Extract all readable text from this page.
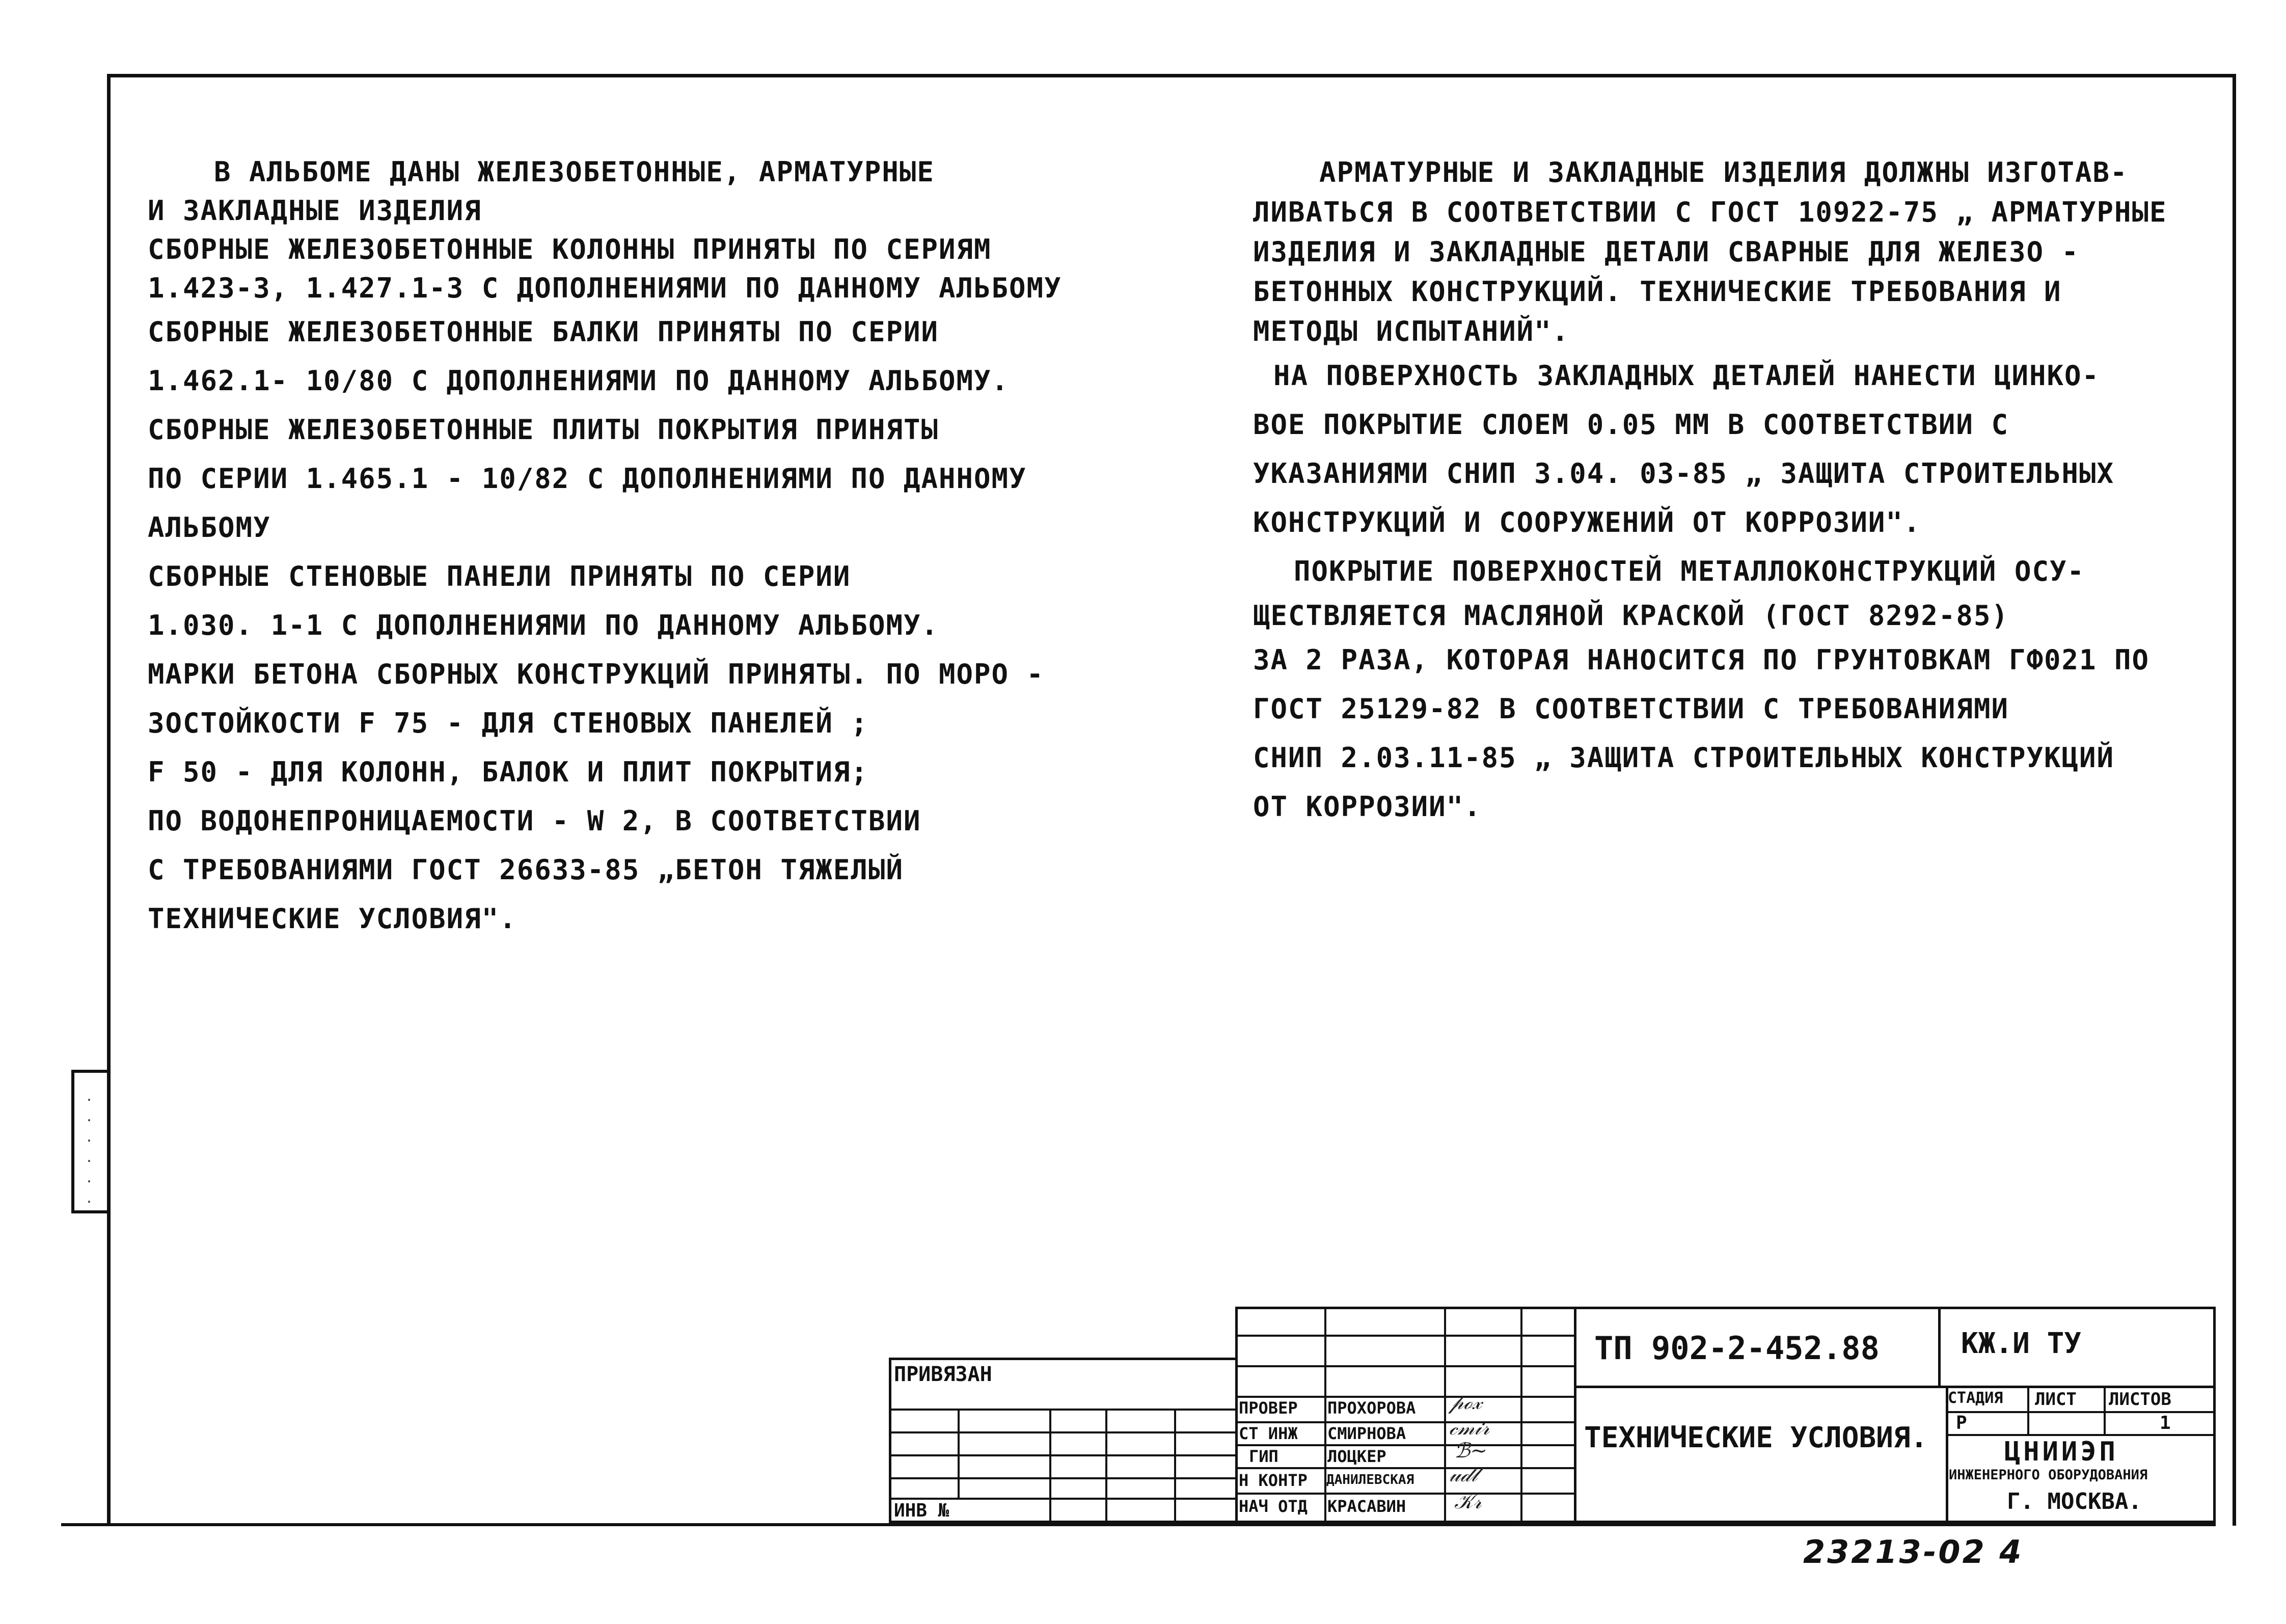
·
·
·
·
·
·

В АЛЬБОМЕ ДАНЫ ЖЕЛЕЗОБЕТОННЫЕ, АРМАТУРНЫЕ

И ЗАКЛАДНЫЕ ИЗДЕЛИЯ

СБОРНЫЕ ЖЕЛЕЗОБЕТОННЫЕ КОЛОННЫ ПРИНЯТЫ ПО СЕРИЯМ

1.423-3, 1.427.1-3 С ДОПОЛНЕНИЯМИ ПО ДАННОМУ АЛЬБОМУ

СБОРНЫЕ ЖЕЛЕЗОБЕТОННЫЕ БАЛКИ ПРИНЯТЫ ПО СЕРИИ

1.462.1- 10/80 С ДОПОЛНЕНИЯМИ ПО ДАННОМУ АЛЬБОМУ.

СБОРНЫЕ ЖЕЛЕЗОБЕТОННЫЕ ПЛИТЫ ПОКРЫТИЯ ПРИНЯТЫ

ПО СЕРИИ 1.465.1 - 10/82 С ДОПОЛНЕНИЯМИ ПО ДАННОМУ

АЛЬБОМУ

СБОРНЫЕ СТЕНОВЫЕ ПАНЕЛИ ПРИНЯТЫ ПО СЕРИИ

1.030. 1-1 С ДОПОЛНЕНИЯМИ ПО ДАННОМУ АЛЬБОМУ.

МАРКИ БЕТОНА СБОРНЫХ КОНСТРУКЦИЙ ПРИНЯТЫ. ПО МОРО -

ЗОСТОЙКОСТИ F 75 - ДЛЯ СТЕНОВЫХ ПАНЕЛЕЙ ;

F 50 - ДЛЯ КОЛОНН, БАЛОК И ПЛИТ ПОКРЫТИЯ;

ПО ВОДОНЕПРОНИЦАЕМОСТИ - W 2, В СООТВЕТСТВИИ

С ТРЕБОВАНИЯМИ ГОСТ 26633-85 „БЕТОН ТЯЖЕЛЫЙ

ТЕХНИЧЕСКИЕ УСЛОВИЯ".

АРМАТУРНЫЕ И ЗАКЛАДНЫЕ ИЗДЕЛИЯ ДОЛЖНЫ ИЗГОТАВ-

ЛИВАТЬСЯ В СООТВЕТСТВИИ С ГОСТ 10922-75 „ АРМАТУРНЫЕ

ИЗДЕЛИЯ И ЗАКЛАДНЫЕ ДЕТАЛИ СВАРНЫЕ ДЛЯ ЖЕЛЕЗО -

БЕТОННЫХ КОНСТРУКЦИЙ. ТЕХНИЧЕСКИЕ ТРЕБОВАНИЯ И

МЕТОДЫ ИСПЫТАНИЙ".

НА ПОВЕРХНОСТЬ ЗАКЛАДНЫХ ДЕТАЛЕЙ НАНЕСТИ ЦИНКО-

ВОЕ ПОКРЫТИЕ СЛОЕМ 0.05 ММ В СООТВЕТСТВИИ С

УКАЗАНИЯМИ СНИП 3.04. 03-85 „ ЗАЩИТА СТРОИТЕЛЬНЫХ

КОНСТРУКЦИЙ И СООРУЖЕНИЙ ОТ КОРРОЗИИ".

ПОКРЫТИЕ ПОВЕРХНОСТЕЙ МЕТАЛЛОКОНСТРУКЦИЙ ОСУ-

ЩЕСТВЛЯЕТСЯ МАСЛЯНОЙ КРАСКОЙ (ГОСТ 8292-85)

ЗА 2 РАЗА, КОТОРАЯ НАНОСИТСЯ ПО ГРУНТОВКАМ ГФ021 ПО

ГОСТ 25129-82 В СООТВЕТСТВИИ С ТРЕБОВАНИЯМИ

СНИП 2.03.11-85 „ ЗАЩИТА СТРОИТЕЛЬНЫХ КОНСТРУКЦИЙ

ОТ КОРРОЗИИ".

ПРИВЯЗАН
ИНВ №
ПРОВЕР
СТ ИНЖ
ГИП
Н КОНТР
НАЧ ОТД
ПРОХОРОВА
СМИРНОВА
ЛОЦКЕР
ДАНИЛЕВСКАЯ
КРАСАВИН
𝓅ℴ𝓍
𝒸𝓂𝒾𝓇
ℬ~
𝓊𝒹𝓁
𝒦𝓇
ТП 902-2-452.88	КЖ.И ТУ
ТЕХНИЧЕСКИЕ УСЛОВИЯ.
СТАДИЯ ЛИСТ ЛИСТОВ
Р	1
ЦНИИЭП
ИНЖЕНЕРНОГО ОБОРУДОВАНИЯ
Г. МОСКВА.
23213-02 4
